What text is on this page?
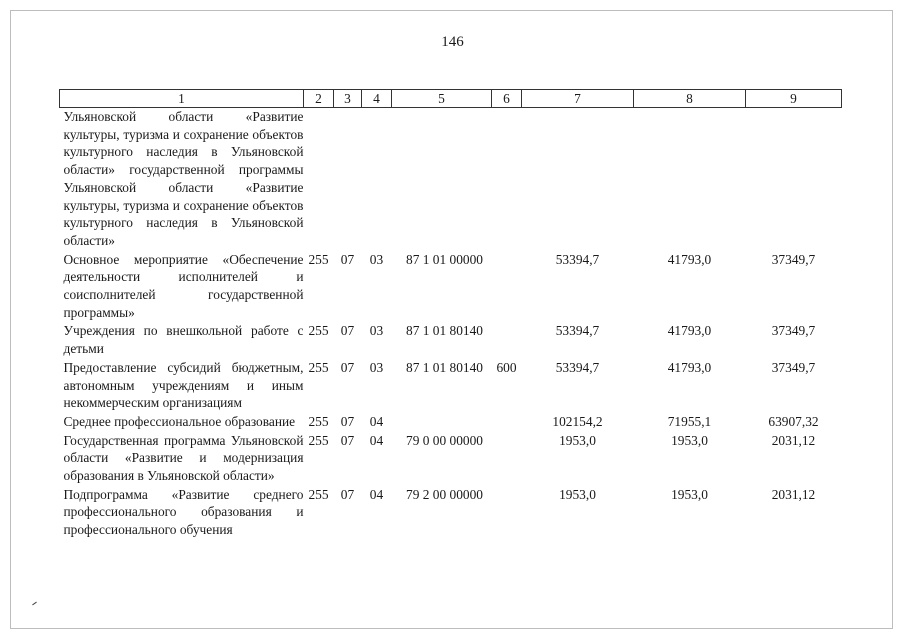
146
1	2	3	4	5	6	7	8	9
Ульяновской области «Развитие культуры, туризма и сохранение объектов культурного наследия в Ульяновской области» государственной программы Ульяновской области «Развитие культуры, туризма и сохранение объектов культурного наследия в Ульяновской области»								
Основное мероприятие «Обеспечение деятельности исполнителей и соисполнителей государственной программы»	255	07	03	87 1 01 00000		53394,7	41793,0	37349,7
Учреждения по внешкольной работе с детьми	255	07	03	87 1 01 80140		53394,7	41793,0	37349,7
Предоставление субсидий бюджетным, автономным учреждениям и иным некоммерческим организациям	255	07	03	87 1 01 80140	600	53394,7	41793,0	37349,7
Среднее профессиональное образование	255	07	04			102154,2	71955,1	63907,32
Государственная программа Ульяновской области «Развитие и модернизация образования в Ульяновской области»	255	07	04	79 0 00 00000		1953,0	1953,0	2031,12
Подпрограмма «Развитие среднего профессионального образования и профессионального обучения	255	07	04	79 2 00 00000		1953,0	1953,0	2031,12
